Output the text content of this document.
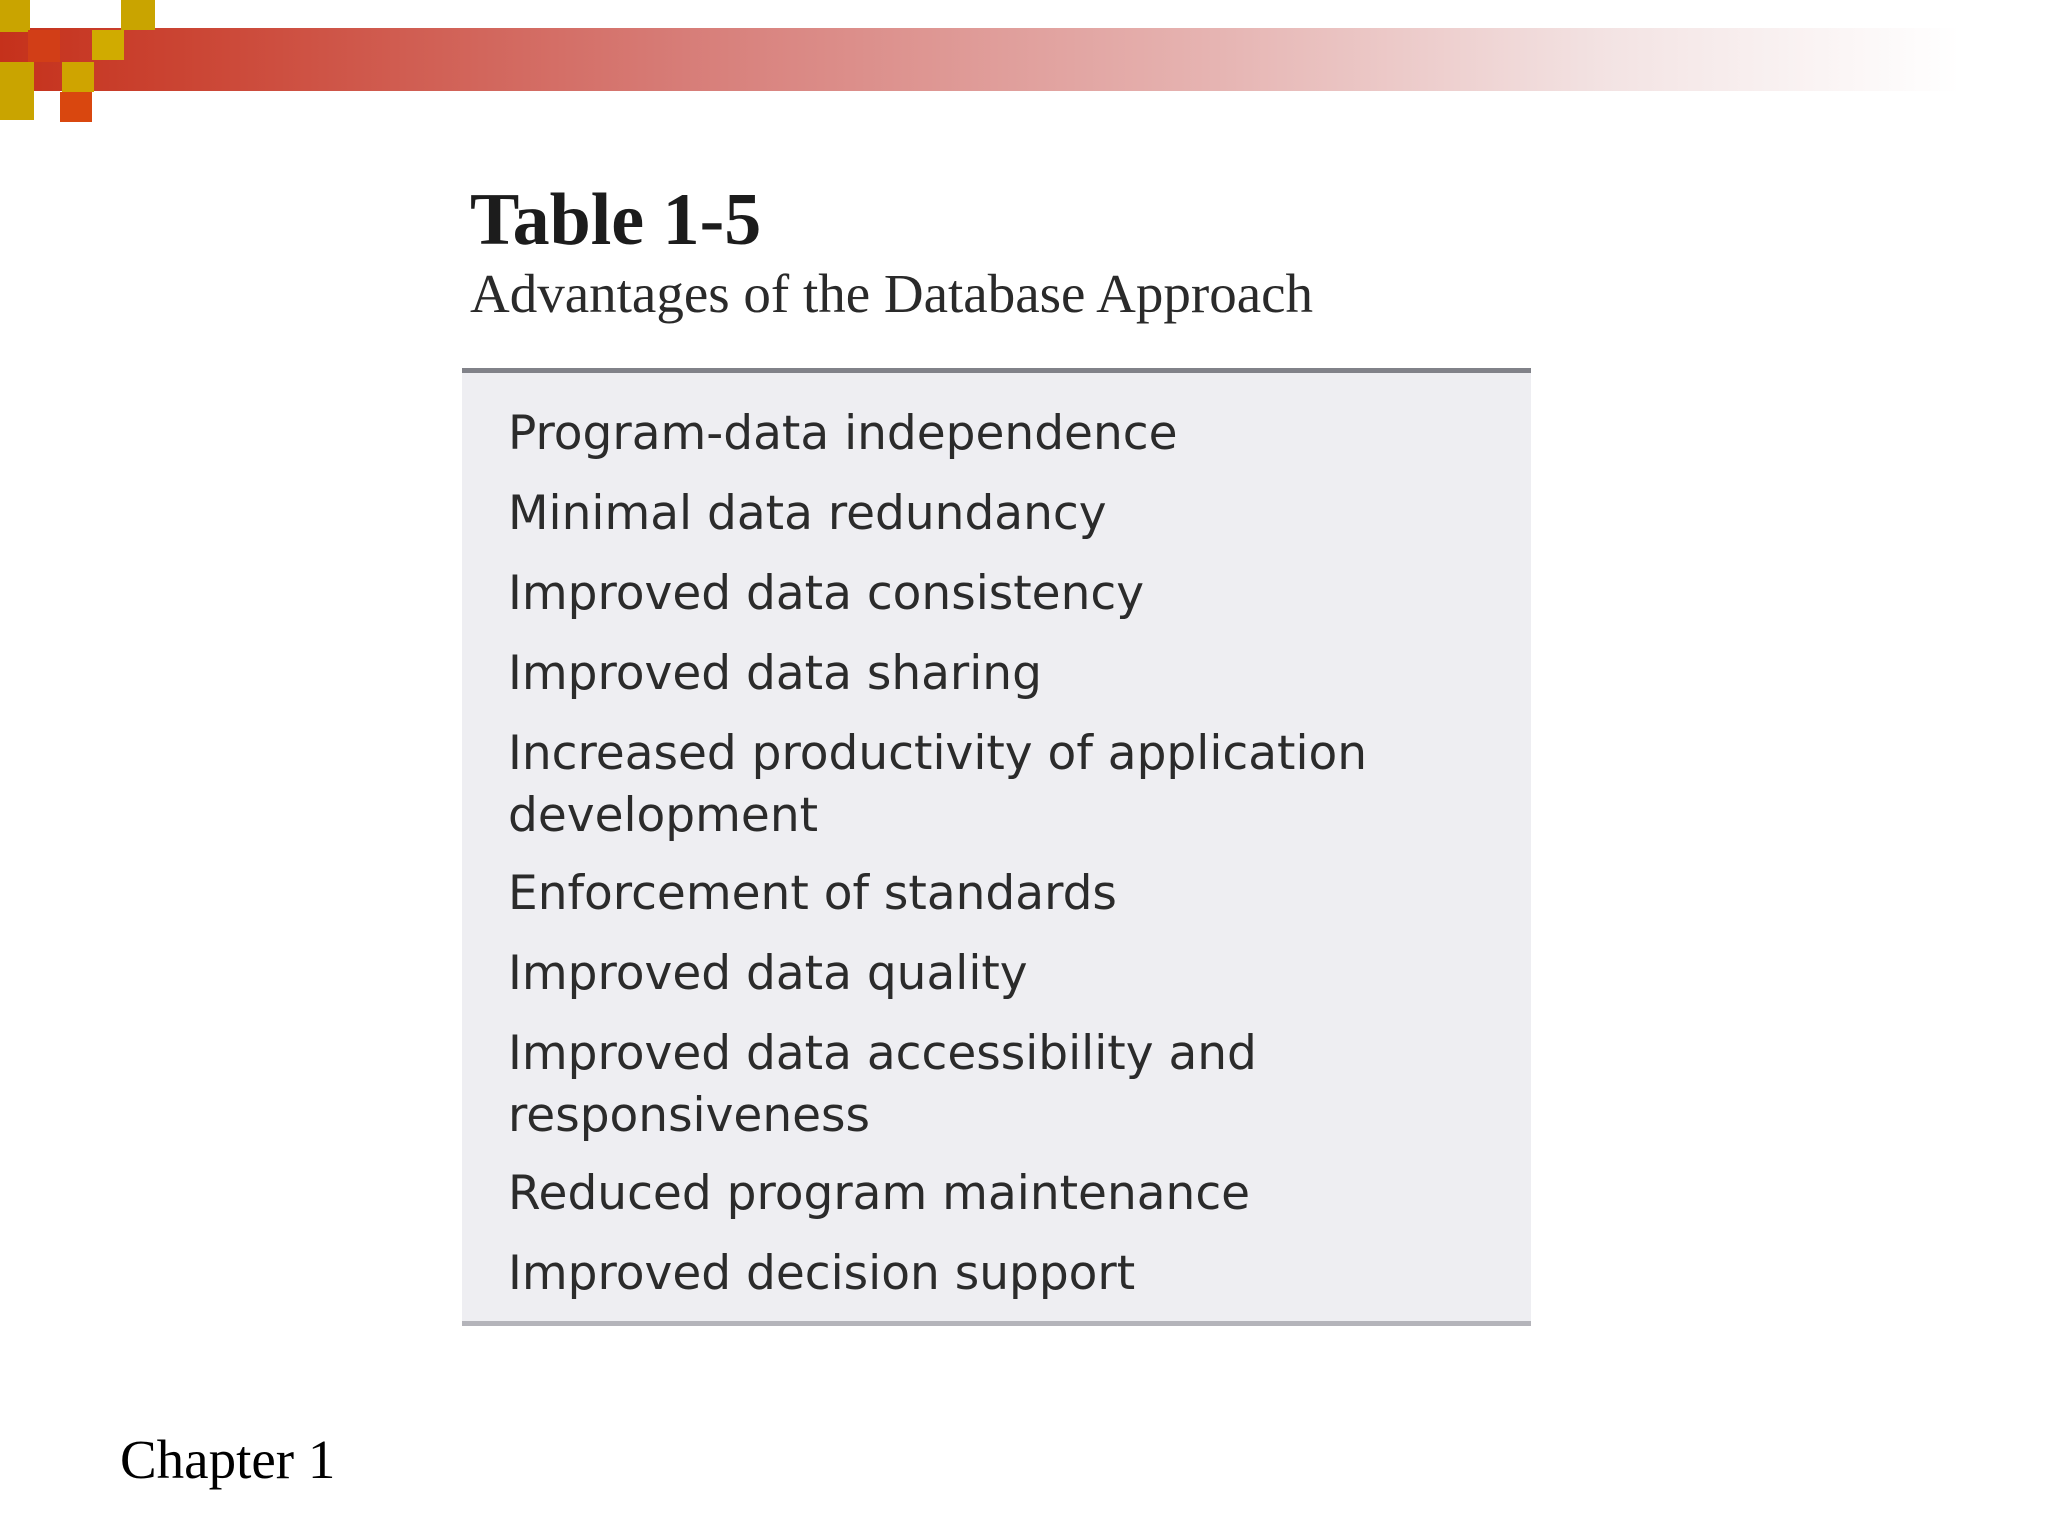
Table 1-5
Advantages of the Database Approach
Program-data independence
Minimal data redundancy
Improved data consistency
Improved data sharing
Increased productivity of application development
Enforcement of standards
Improved data quality
Improved data accessibility and responsiveness
Reduced program maintenance
Improved decision support
Chapter 1
